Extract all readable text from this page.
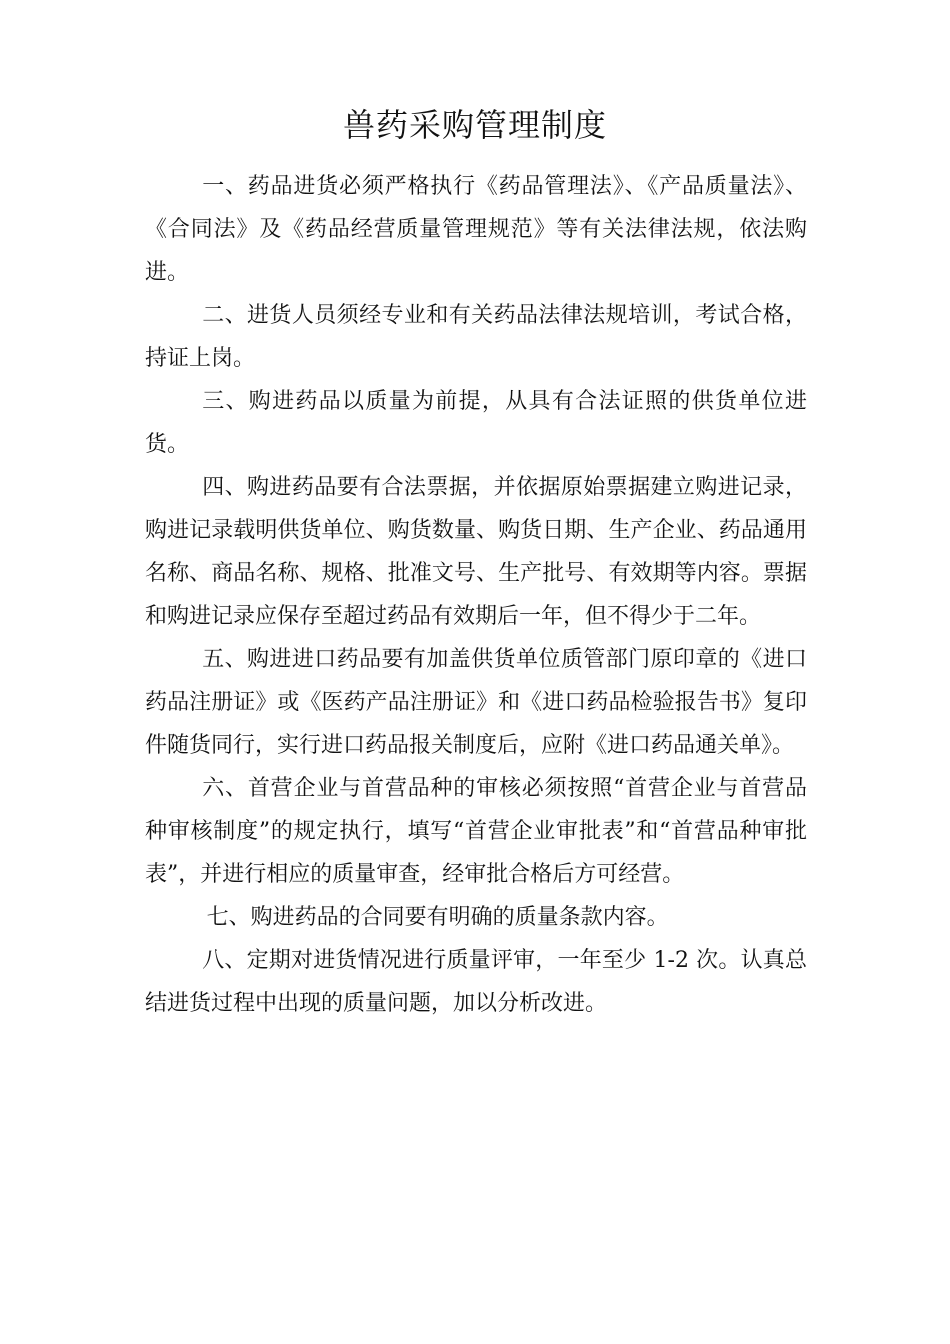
兽药采购管理制度

一、药品进货必须严格执行《药品管理法》、《产品质量法》、《合同法》及《药品经营质量管理规范》等有关法律法规，依法购进。

二、进货人员须经专业和有关药品法律法规培训，考试合格，持证上岗。

三、购进药品以质量为前提，从具有合法证照的供货单位进货。

四、购进药品要有合法票据，并依据原始票据建立购进记录，购进记录载明供货单位、购货数量、购货日期、生产企业、药品通用名称、商品名称、规格、批准文号、生产批号、有效期等内容。票据和购进记录应保存至超过药品有效期后一年，但不得少于二年。

五、购进进口药品要有加盖供货单位质管部门原印章的《进口药品注册证》或《医药产品注册证》和《进口药品检验报告书》复印件随货同行，实行进口药品报关制度后，应附《进口药品通关单》。

六、首营企业与首营品种的审核必须按照“首营企业与首营品种审核制度”的规定执行，填写“首营企业审批表”和“首营品种审批表”，并进行相应的质量审查，经审批合格后方可经营。

七、购进药品的合同要有明确的质量条款内容。

八、定期对进货情况进行质量评审，一年至少 1-2 次。认真总结进货过程中出现的质量问题，加以分析改进。
